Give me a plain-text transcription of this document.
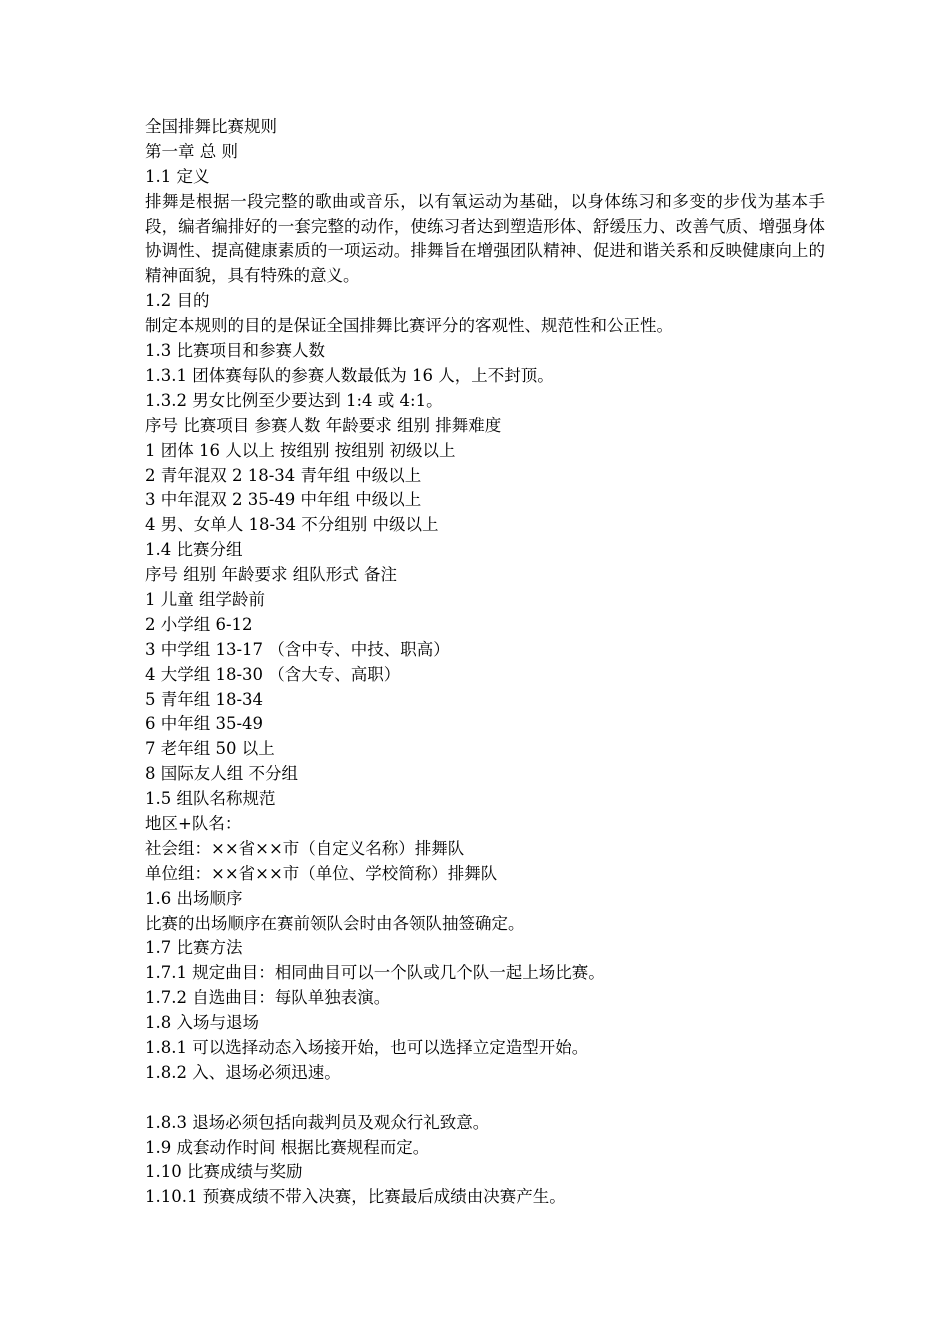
全国排舞比赛规则
第一章 总 则
1.1 定义
排舞是根据一段完整的歌曲或音乐，以有氧运动为基础，以身体练习和多变的步伐为基本手段，编者编排好的一套完整的动作，使练习者达到塑造形体、舒缓压力、改善气质、增强身体协调性、提高健康素质的一项运动。排舞旨在增强团队精神、促进和谐关系和反映健康向上的精神面貌，具有特殊的意义。
1.2 目的
制定本规则的目的是保证全国排舞比赛评分的客观性、规范性和公正性。
1.3 比赛项目和参赛人数
1.3.1 团体赛每队的参赛人数最低为 16 人，上不封顶。
1.3.2 男女比例至少要达到 1:4 或 4:1。
序号 比赛项目 参赛人数 年龄要求 组别 排舞难度
1 团体 16 人以上 按组别 按组别 初级以上
2 青年混双 2 18-34 青年组 中级以上
3 中年混双 2 35-49 中年组 中级以上
4 男、女单人 18-34 不分组别 中级以上
1.4 比赛分组
序号 组别 年龄要求 组队形式 备注
1 儿童 组学龄前
2 小学组 6-12
3 中学组 13-17 （含中专、中技、职高）
4 大学组 18-30 （含大专、高职）
5 青年组 18-34
6 中年组 35-49
7 老年组 50 以上
8 国际友人组 不分组
1.5 组队名称规范
地区+队名：
社会组：××省××市（自定义名称）排舞队
单位组：××省××市（单位、学校简称）排舞队
1.6 出场顺序
比赛的出场顺序在赛前领队会时由各领队抽签确定。
1.7 比赛方法
1.7.1 规定曲目：相同曲目可以一个队或几个队一起上场比赛。
1.7.2 自选曲目：每队单独表演。
1.8 入场与退场
1.8.1 可以选择动态入场接开始，也可以选择立定造型开始。
1.8.2 入、退场必须迅速。
1.8.3 退场必须包括向裁判员及观众行礼致意。
1.9 成套动作时间 根据比赛规程而定。
1.10 比赛成绩与奖励
1.10.1 预赛成绩不带入决赛，比赛最后成绩由决赛产生。
